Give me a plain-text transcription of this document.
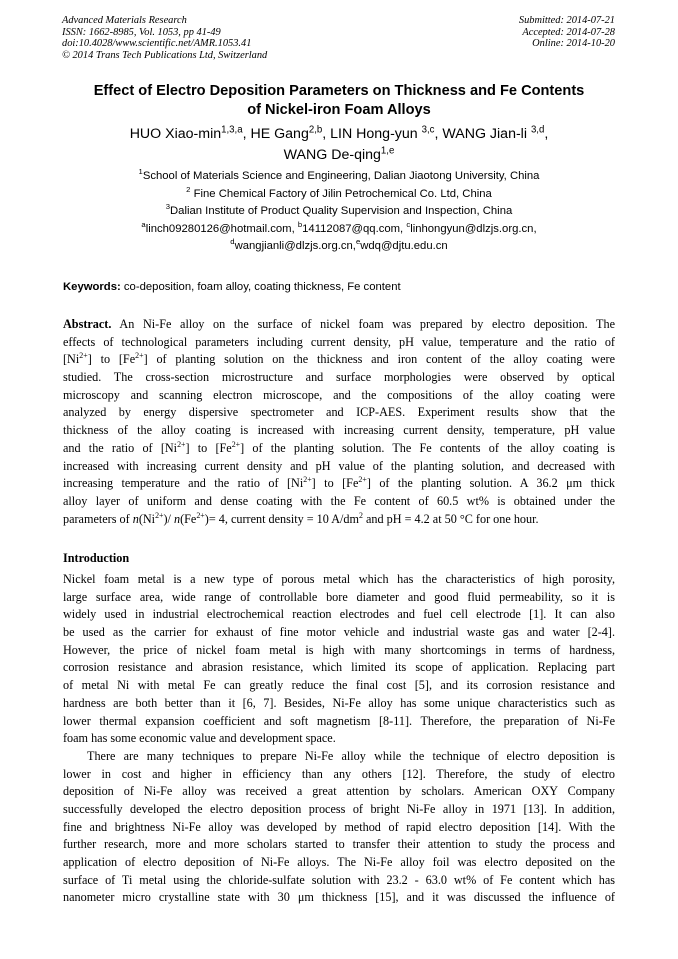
Advanced Materials Research
ISSN: 1662-8985, Vol. 1053, pp 41-49
doi:10.4028/www.scientific.net/AMR.1053.41
© 2014 Trans Tech Publications Ltd, Switzerland
Submitted: 2014-07-21
Accepted: 2014-07-28
Online: 2014-10-20
Effect of Electro Deposition Parameters on Thickness and Fe Contents
of Nickel-iron Foam Alloys
HUO Xiao-$\min^{1,3,a}$, HE Gang$^{2,b}$, LIN Hong-yun $^{3,c}$, WANG Jian-li $^{3,d}$,
WANG De-qing$^{1,e}$
$^1$School of Materials Science and Engineering, Dalian Jiaotong University, China
$^2$ Fine Chemical Factory of Jilin Petrochemical Co. Ltd, China
$^3$Dalian Institute of Product Quality Supervision and Inspection, China
$^a$linch09280126@hotmail.com, $^b$14112087@qq.com, $^c$linhongyun@dlzjs.org.cn,
$^d$wangjianli@dlzjs.org.cn,$^e$wdq@djtu.edu.cn
Keywords: co-deposition, foam alloy, coating thickness, Fe content
Abstract. An Ni-Fe alloy on the surface of nickel foam was prepared by electro deposition. The
effects of technological parameters including current density, pH value, temperature and the ratio of
$[Ni^{2+}]$ to $[Fe^{2+}]$ of planting solution on the thickness and iron content of the alloy coating were
studied. The cross-section microstructure and surface morphologies were observed by optical
microscopy and scanning electron microscope, and the compositions of the alloy coating were
analyzed by energy dispersive spectrometer and ICP-AES. Experiment results show that the
thickness of the alloy coating is increased with increasing current density, temperature, pH value
and the ratio of $[Ni^{2+}]$ to $[Fe^{2+}]$ of the planting solution. The Fe contents of the alloy coating is
increased with increasing current density and pH value of the planting solution, and decreased with
increasing temperature and the ratio of $[Ni^{2+}]$ to $[Fe^{2+}]$ of the planting solution. A 36.2 μm thick
alloy layer of uniform and dense coating with the Fe content of 60.5 wt% is obtained under the
parameters of $n(Ni^{2+})/$ $n(Fe^{2+})= 4$, current density = 10 $A/dm^2$ and pH = 4.2 at 50 °C for one hour.
Introduction
Nickel foam metal is a new type of porous metal which has the characteristics of high porosity,
large surface area, wide range of controllable bore diameter and good fluid permeability, so it is
widely used in industrial electrochemical reaction electrodes and fuel cell electrode [1]. It can also
be used as the carrier for exhaust of fine motor vehicle and industrial waste gas and water [2-4].
However, the price of nickel foam metal is high with many shortcomings in terms of hardness,
corrosion resistance and abrasion resistance, which limited its scope of application. Replacing part
of metal Ni with metal Fe can greatly reduce the final cost [5], and its corrosion resistance and
hardness are both better than it [6, 7]. Besides, Ni-Fe alloy has some unique characteristics such as
lower thermal expansion coefficient and soft magnetism [8-11]. Therefore, the preparation of Ni-Fe
foam has some economic value and development space.
There are many techniques to prepare Ni-Fe alloy while the technique of electro deposition is
lower in cost and higher in efficiency than any others [12]. Therefore, the study of electro
deposition of Ni-Fe alloy was received a great attention by scholars. American OXY Company
successfully developed the electro deposition process of bright Ni-Fe alloy in 1971 [13]. In addition,
fine and brightness Ni-Fe alloy was developed by method of rapid electro deposition [14]. With the
further research, more and more scholars started to transfer their attention to study the process and
application of electro deposition of Ni-Fe alloys. The Ni-Fe alloy foil was electro deposited on the
surface of Ti metal using the chloride-sulfate solution with 23.2 - 63.0 wt% of Fe content which has
nanometer micro crystalline state with 30 μm thickness [15], and it was discussed the influence of
